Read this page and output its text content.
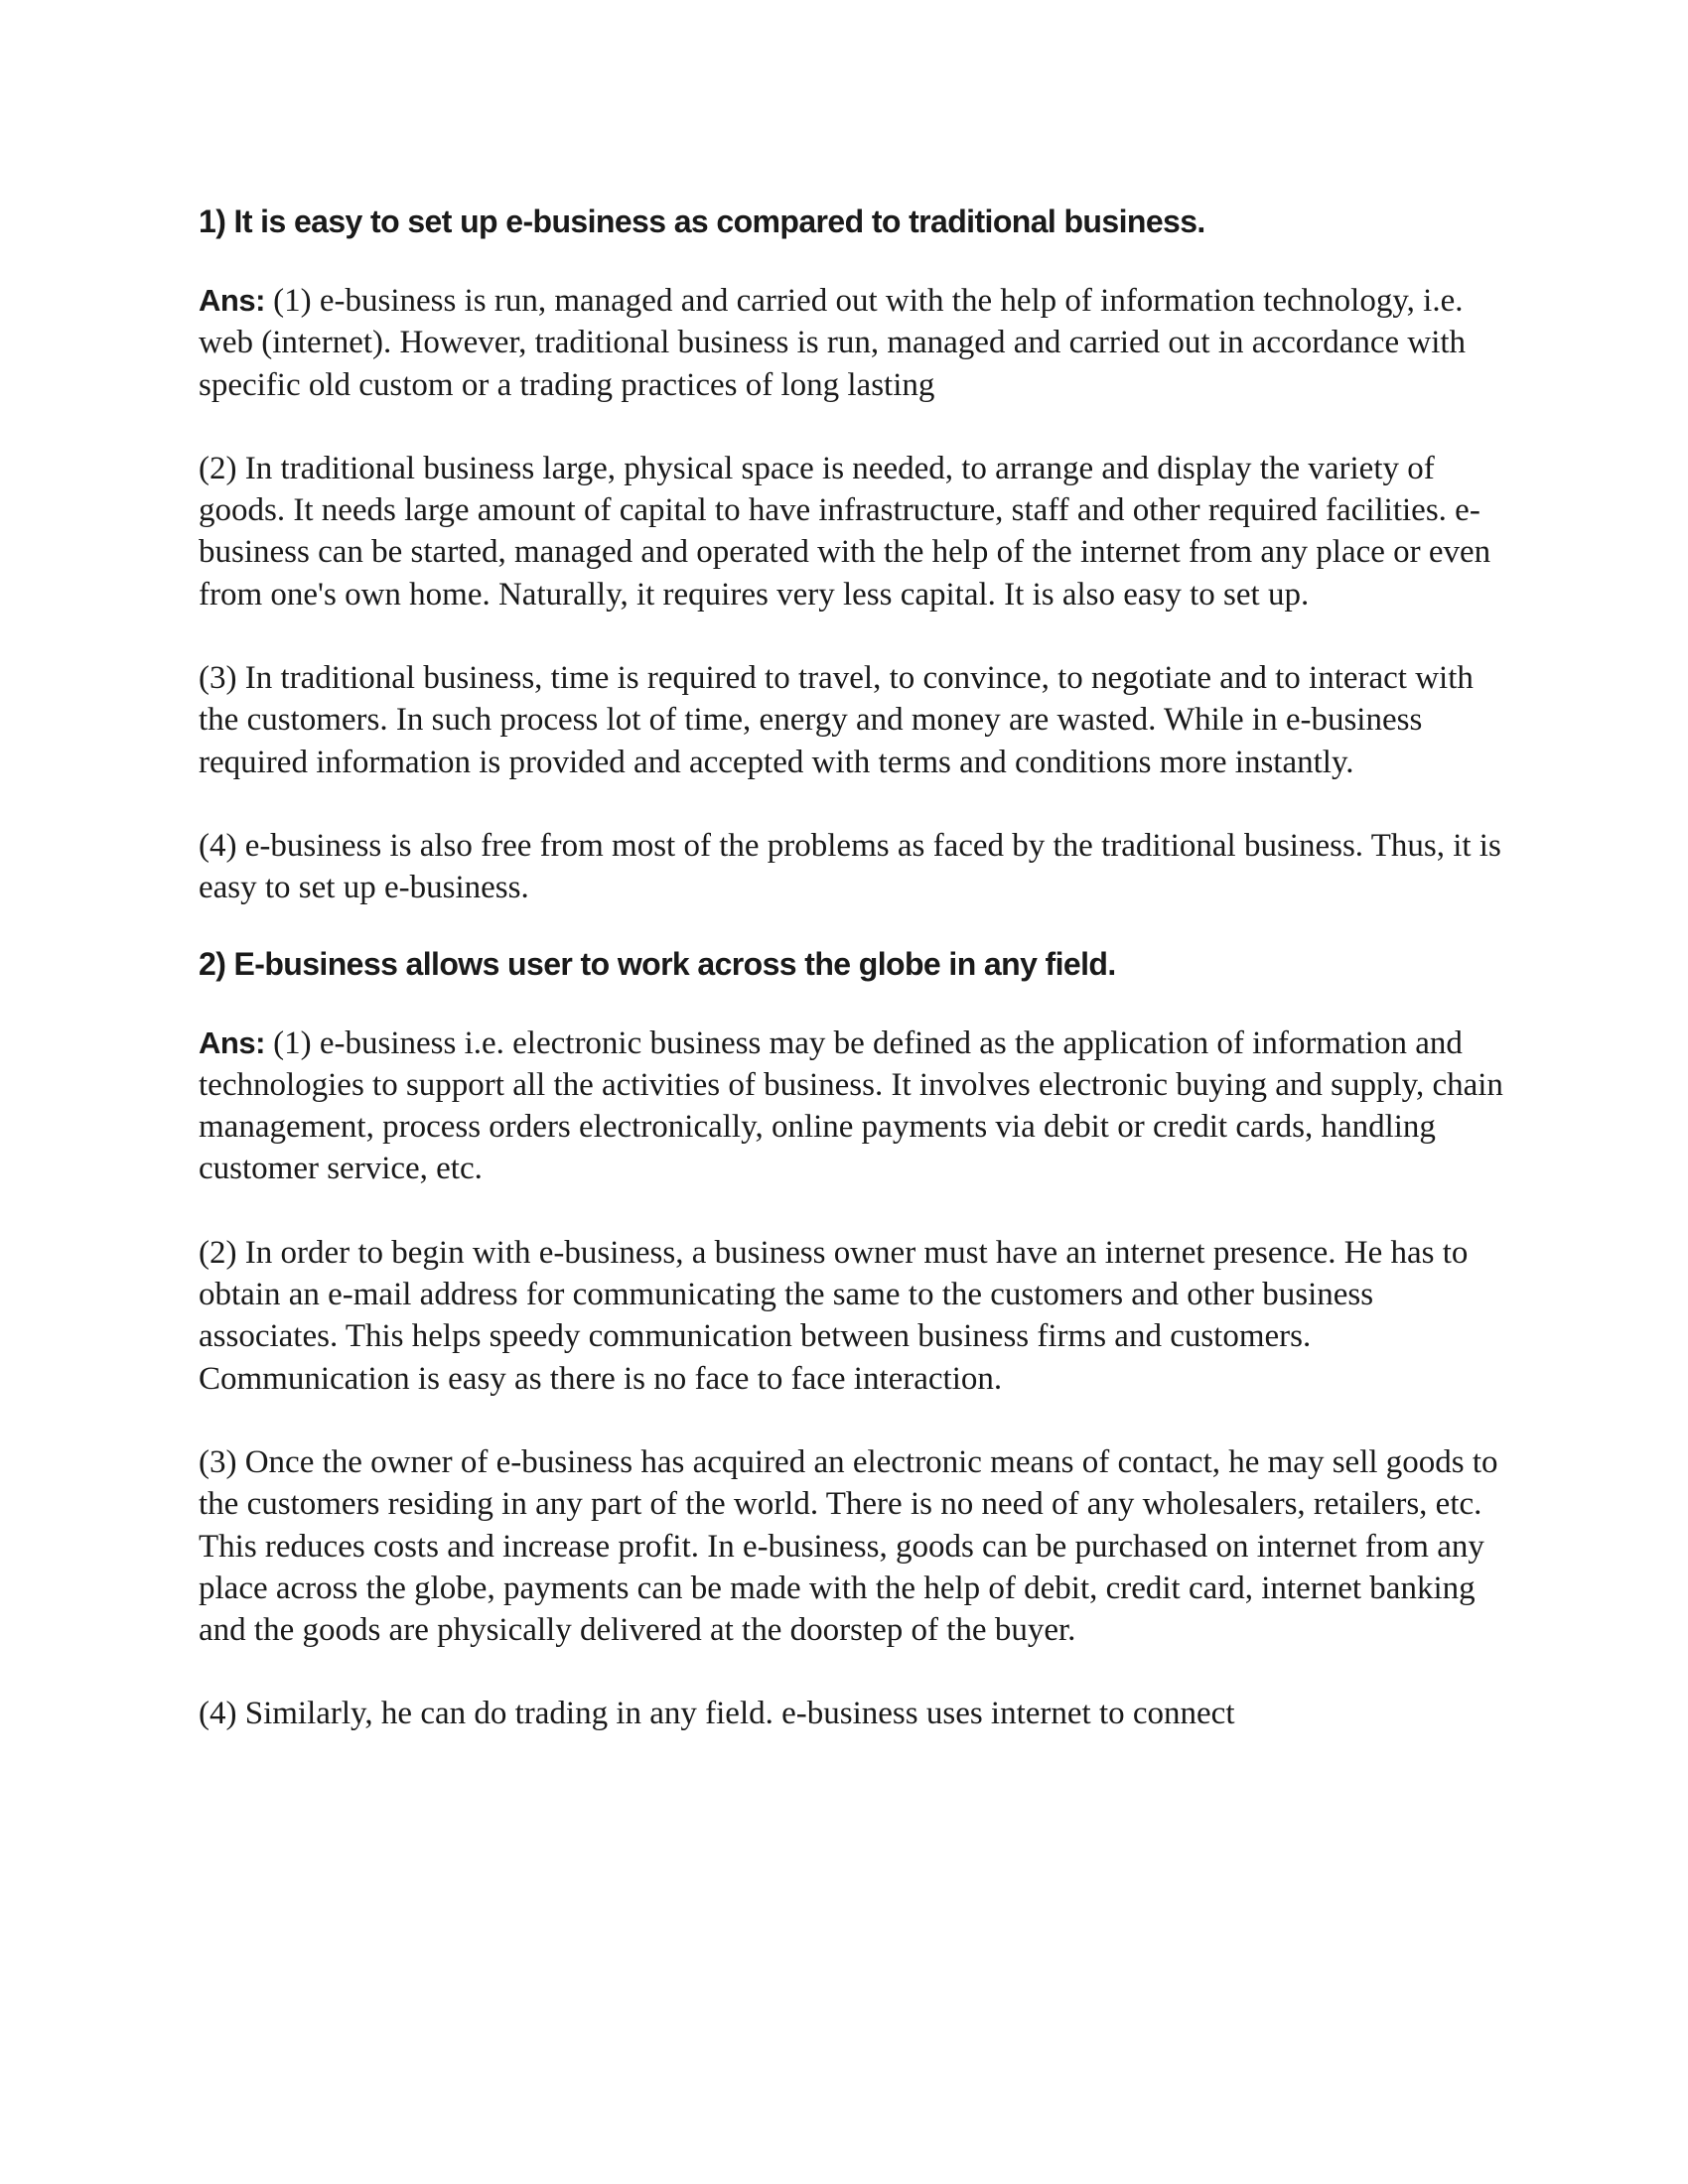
1) It is easy to set up e-business as compared to traditional business.
Ans: (1) e-business is run, managed and carried out with the help of information technology, i.e. web (internet). However, traditional business is run, managed and carried out in accordance with specific old custom or a trading practices of long lasting
(2) In traditional business large, physical space is needed, to arrange and display the variety of goods. It needs large amount of capital to have infrastructure, staff and other required facilities. e-business can be started, managed and operated with the help of the internet from any place or even from one's own home. Naturally, it requires very less capital. It is also easy to set up.
(3) In traditional business, time is required to travel, to convince, to negotiate and to interact with the customers. In such process lot of time, energy and money are wasted. While in e-business required information is provided and accepted with terms and conditions more instantly.
(4) e-business is also free from most of the problems as faced by the traditional business. Thus, it is easy to set up e-business.
2) E-business allows user to work across the globe in any field.
Ans: (1) e-business i.e. electronic business may be defined as the application of information and technologies to support all the activities of business. It involves electronic buying and supply, chain management, process orders electronically, online payments via debit or credit cards, handling customer service, etc.
(2) In order to begin with e-business, a business owner must have an internet presence. He has to obtain an e-mail address for communicating the same to the customers and other business associates. This helps speedy communication between business firms and customers. Communication is easy as there is no face to face interaction.
(3) Once the owner of e-business has acquired an electronic means of contact, he may sell goods to the customers residing in any part of the world. There is no need of any wholesalers, retailers, etc. This reduces costs and increase profit. In e-business, goods can be purchased on internet from any place across the globe, payments can be made with the help of debit, credit card, internet banking and the goods are physically delivered at the doorstep of the buyer.
(4) Similarly, he can do trading in any field. e-business uses internet to connect
